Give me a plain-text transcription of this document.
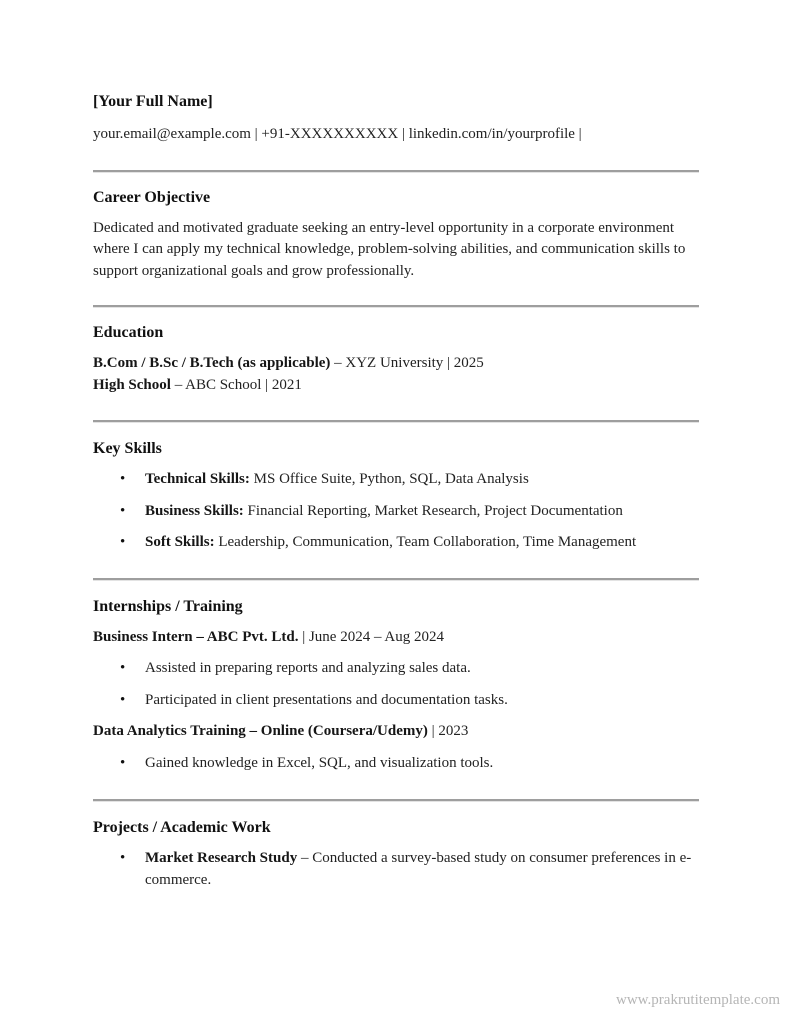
[Your Full Name]
your.email@example.com | +91-XXXXXXXXXX | linkedin.com/in/yourprofile |
Career Objective
Dedicated and motivated graduate seeking an entry-level opportunity in a corporate environment where I can apply my technical knowledge, problem-solving abilities, and communication skills to support organizational goals and grow professionally.
Education
B.Com / B.Sc / B.Tech (as applicable) – XYZ University | 2025
High School – ABC School | 2021
Key Skills
• Technical Skills: MS Office Suite, Python, SQL, Data Analysis
• Business Skills: Financial Reporting, Market Research, Project Documentation
• Soft Skills: Leadership, Communication, Team Collaboration, Time Management
Internships / Training
Business Intern – ABC Pvt. Ltd. | June 2024 – Aug 2024
• Assisted in preparing reports and analyzing sales data.
• Participated in client presentations and documentation tasks.
Data Analytics Training – Online (Coursera/Udemy) | 2023
• Gained knowledge in Excel, SQL, and visualization tools.
Projects / Academic Work
• Market Research Study – Conducted a survey-based study on consumer preferences in e-commerce.
www.prakrutitemplate.com
